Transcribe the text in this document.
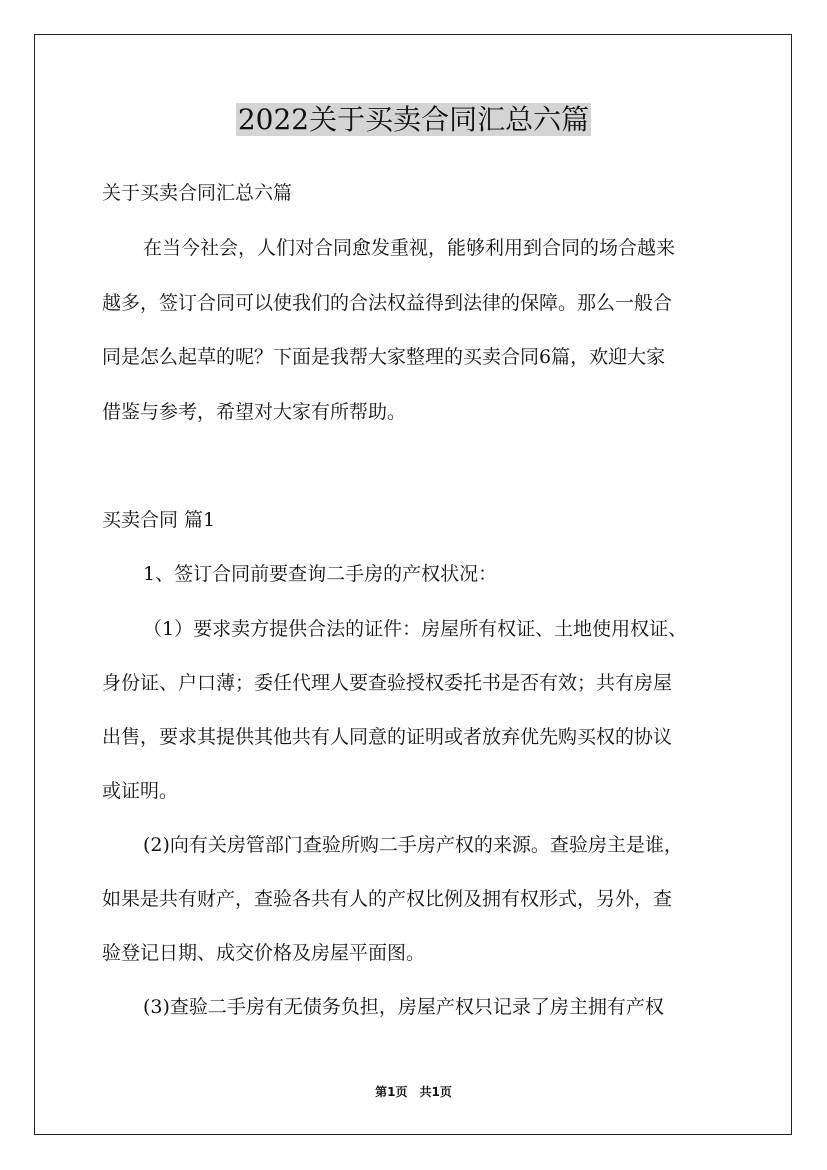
2022关于买卖合同汇总六篇
关于买卖合同汇总六篇
在当今社会，人们对合同愈发重视，能够利用到合同的场合越来
越多，签订合同可以使我们的合法权益得到法律的保障。那么一般合
同是怎么起草的呢？下面是我帮大家整理的买卖合同6篇，欢迎大家
借鉴与参考，希望对大家有所帮助。
买卖合同 篇1
1、签订合同前要查询二手房的产权状况：
（1）要求卖方提供合法的证件：房屋所有权证、土地使用权证、
身份证、户口薄；委任代理人要查验授权委托书是否有效；共有房屋
出售，要求其提供其他共有人同意的证明或者放弃优先购买权的协议
或证明。
(2)向有关房管部门查验所购二手房产权的来源。查验房主是谁，
如果是共有财产，查验各共有人的产权比例及拥有权形式，另外，查
验登记日期、成交价格及房屋平面图。
(3)查验二手房有无债务负担，房屋产权只记录了房主拥有产权
第1页　共1页
